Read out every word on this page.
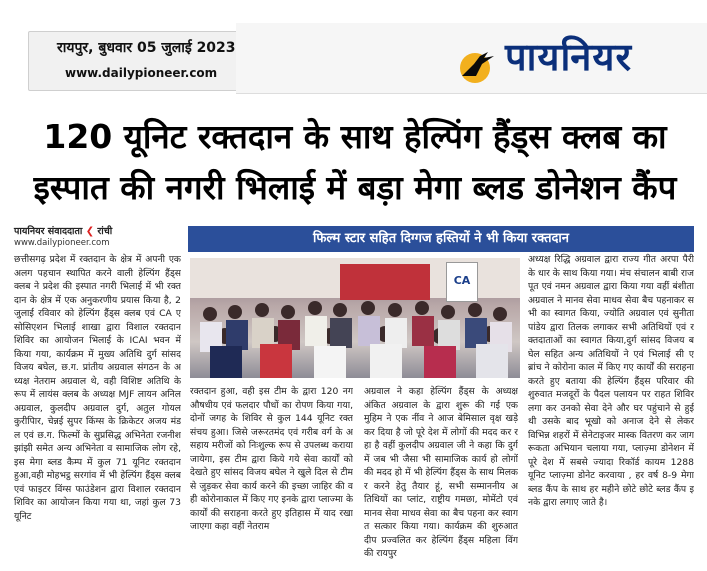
रायपुर, बुधवार 05 जुलाई 2023
www.dailypioneer.com	पायनियर
120 यूनिट रक्तदान के साथ हेल्पिंग हैंड्स क्लब का
इस्पात की नगरी भिलाई में बड़ा मेगा ब्लड डोनेशन कैंप
पायनियर संवाददाता ❮ रांची
www.dailypioneer.com	फिल्म स्टार सहित दिग्गज हस्तियों ने भी किया रक्तदान
CA
छत्तीसगढ़ प्रदेश में रक्तदान के क्षेत्र में अपनी एक अलग पहचान स्थापित करने वाली हेल्पिंग हैंड्स क्लब ने प्रदेश की इस्पात नगरी भिलाई में भी रक्तदान के क्षेत्र में एक अनुकरणीय प्रयास किया है, 2 जुलाई रविवार को हेल्पिंग हैंड्स क्लब एवं CA एसोसिएशन भिलाई शाखा द्वारा विशाल रक्तदान शिविर का आयोजन भिलाई के ICAI भवन में किया गया, कार्यक्रम में मुख्य अतिथि दुर्ग सांसद विजय बघेल, छ.ग. प्रांतीय अग्रवाल संगठन के अध्यक्ष नेतराम अग्रवाल थे, वही विशिष्ट अतिथि के रूप में लायंस क्लब के अध्यक्ष MJF लायन अनिल अग्रवाल, कुलदीप अग्रवाल दुर्ग, अतुल गोयल कुरीपिार, चेन्नई सुपर किंग्स के क्रिकेटर अजय मंडल एवं छ.ग. फिल्मों के सुप्रसिद्ध अभिनेता रजनीश झांझी समेत अन्य अभिनेता व सामाजिक लोग रहे,इस मेगा ब्लड कैम्प में कुल 71 यूनिट रक्तदान हुआ,वही मोहभट्ठ सरगांव में भी हेल्पिंग हैंड्स क्लब एवं फाइटर विंग्स फाउंडेशन द्वारा विशाल रक्तदान शिविर का आयोजन किया गया था, जहां कुल 73 यूनिट
रक्तदान हुआ, वही इस टीम के द्वारा 120 नग औषधीय एवं फलदार पौधों का रोपण किया गया, दोनों जगह के शिविर से कुल 144 यूनिट रक्त संचय हुआ। जिसे जरूरतमंद एवं गरीब वर्ग के असहाय मरीजों को निःशुल्क रूप से उपलब्ध कराया जायेगा, इस टीम द्वारा किये गये सेवा कार्यों को देखते हुए सांसद विजय बघेल ने खुले दिल से टीम से जुड़कर सेवा कार्य करने की इच्छा जाहिर की वही कोरोनाकाल में किए गए इनके द्वारा प्लाज्मा के कार्यों की सराहना करते हुए इतिहास में याद रखा जाएगा कहा वहीं नेतराम
अग्रवाल ने कहा हेल्पिंग हैंड्स के अध्यक्ष अंकित अग्रवाल के द्वारा शुरू की गई एक मुहिम ने एक नींव ने आज बेमिसाल वृक्ष खड़े कर दिया है जो पूरे देश में लोगों की मदद कर रहा है वहीं कुलदीप अग्रवाल जी ने कहा कि दुर्ग में जब भी जैसा भी सामाजिक कार्य हो लोगों की मदद हो में भी हेल्पिंग हैंड्स के साथ मिलकर करने हेतु तैयार हूं, सभी सम्माननीय अतिथियों का प्लांट, राष्ट्रीय गमछा, मोमेंटो एवं मानव सेवा माधव सेवा का बैच पहना कर स्वागत सत्कार किया गया। कार्यक्रम की शुरुआत दीप प्रज्वलित कर हेल्पिंग हैंड्स महिला विंग की रायपुर
अध्यक्ष रिद्धि अग्रवाल द्वारा राज्य गीत अरपा पैरी के धार के साथ किया गया। मंच संचालन बाबी राजपूत एवं नमन अग्रवाल द्वारा किया गया वहीं बंशीता अग्रवाल ने मानव सेवा माधव सेवा बैच पहनाकर सभी का स्वागत किया, ज्योति अग्रवाल एवं सुनीता पांडेय द्वारा तिलक लगाकर सभी अतिथियों एवं रक्तदाताओं का स्वागत किया,दुर्ग सांसद विजय बघेल सहित अन्य अतिथियों ने एवं भिलाई सी ए ब्रांच ने कोरोना काल में किए गए कार्यों की सराहना करते हुए बताया की हेल्पिंग हैंड्स परिवार की शुरुवात मजदूरों के पैदल पलायन पर राहत शिविर लगा कर उनको सेवा देने और घर पहुंचाने से हुई थी उसके बाद भूखो को अनाज देने से लेकर विभिन्न शहरों में सेनेटाइजर मास्क वितरण कर जागरूकता अभियान चलाया गया, प्लाज़्मा डोनेशन में पूरे देश में सबसे ज्यादा रिकॉर्ड कायम 1288 यूनिट प्लाज़्मा डोनेट करवाया , हर वर्ष 8-9 मेगा ब्लड कैंप के साथ हर महीने छोटे छोटे ब्लड कैंप इनके द्वारा लगाए जाते है।
